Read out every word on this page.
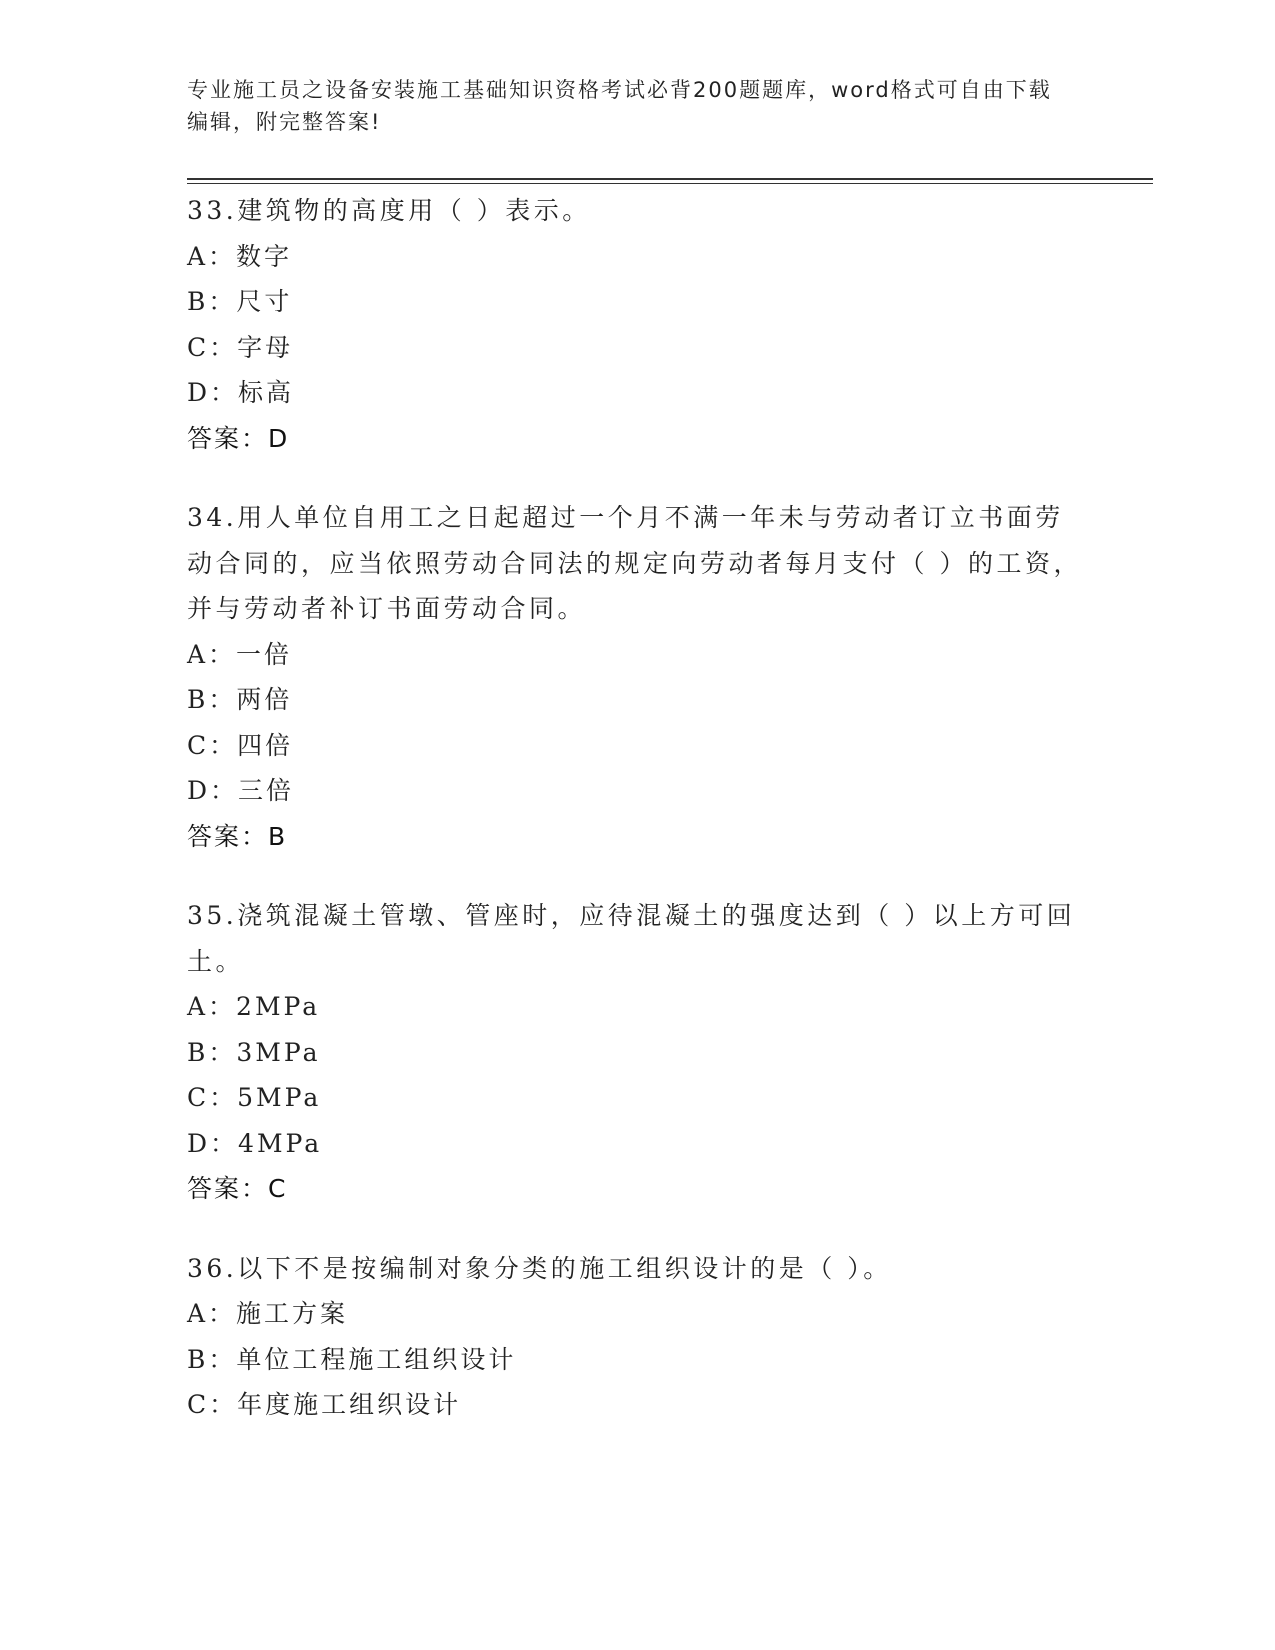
专业施工员之设备安装施工基础知识资格考试必背200题题库，word格式可自由下载编辑，附完整答案!
33.建筑物的高度用（ ）表示。
A：数字
B：尺寸
C：字母
D：标高
答案：D
34.用人单位自用工之日起超过一个月不满一年未与劳动者订立书面劳动合同的，应当依照劳动合同法的规定向劳动者每月支付（ ）的工资，并与劳动者补订书面劳动合同。
A：一倍
B：两倍
C：四倍
D：三倍
答案：B
35.浇筑混凝土管墩、管座时，应待混凝土的强度达到（ ）以上方可回土。
A：2MPa
B：3MPa
C：5MPa
D：4MPa
答案：C
36.以下不是按编制对象分类的施工组织设计的是（ ）。
A：施工方案
B：单位工程施工组织设计
C：年度施工组织设计
